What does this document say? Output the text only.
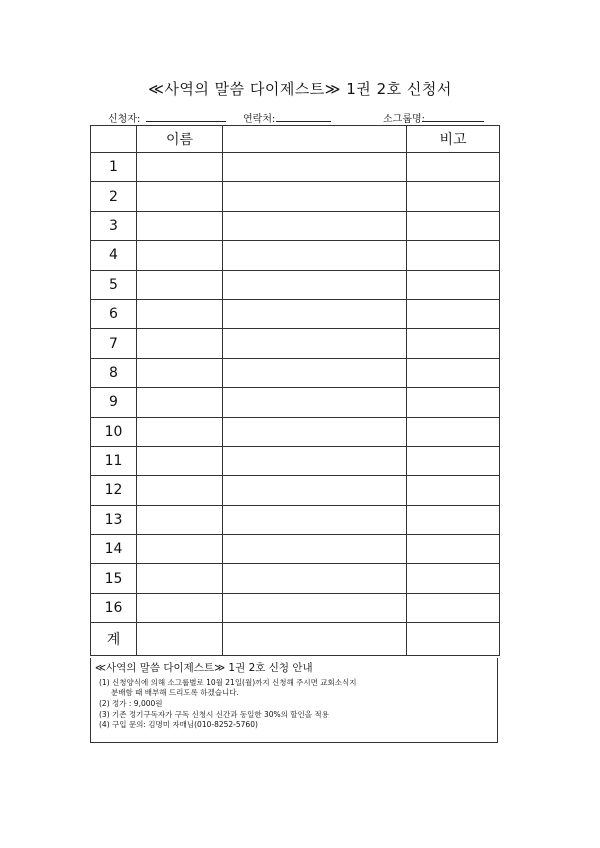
≪사역의 말씀 다이제스트≫ 1권 2호 신청서
신청자:	연락처:	소그룹명:
	이름		비고
1			
2			
3			
4			
5			
6			
7			
8			
9			
10			
11			
12			
13			
14			
15			
16			
계			
≪사역의 말씀 다이제스트≫ 1권 2호 신청 안내
(1) 신청양식에 의해 소그룹별로 10월 21일(월)까지 신청해 주시면 교회소식지
분배함 때 배부해 드리도록 하겠습니다.
(2) 정가 : 9,000원
(3) 기존 정기구독자가 구독 신청시 신간과 동일한 30%의 할인을 적용
(4) 구입 문의: 김명미 자매님(010-8252-5760)
